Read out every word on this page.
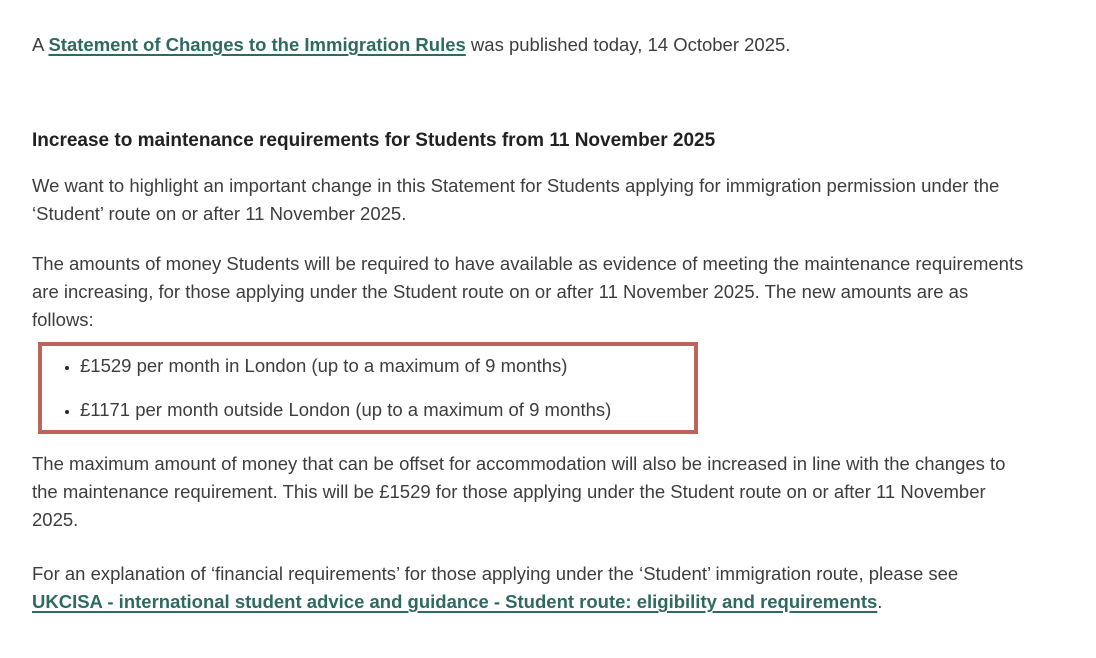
A Statement of Changes to the Immigration Rules was published today, 14 October 2025.

Increase to maintenance requirements for Students from 11 November 2025

We want to highlight an important change in this Statement for Students applying for immigration permission under the ‘Student’ route on or after 11 November 2025.

The amounts of money Students will be required to have available as evidence of meeting the maintenance requirements are increasing, for those applying under the Student route on or after 11 November 2025. The new amounts are as follows:

• £1529 per month in London (up to a maximum of 9 months)
• £1171 per month outside London (up to a maximum of 9 months)

The maximum amount of money that can be offset for accommodation will also be increased in line with the changes to the maintenance requirement. This will be £1529 for those applying under the Student route on or after 11 November 2025.

For an explanation of ‘financial requirements’ for those applying under the ‘Student’ immigration route, please see UKCISA - international student advice and guidance - Student route: eligibility and requirements.
